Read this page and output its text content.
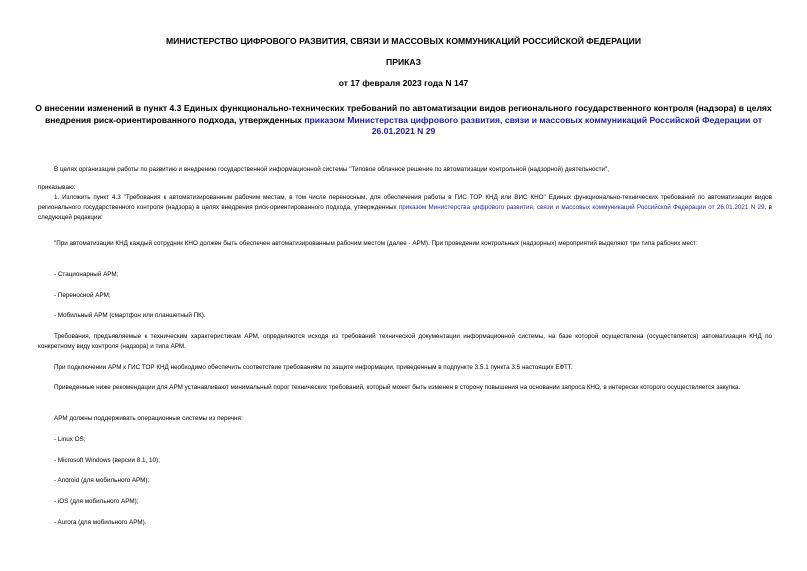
МИНИСТЕРСТВО ЦИФРОВОГО РАЗВИТИЯ, СВЯЗИ И МАССОВЫХ КОММУНИКАЦИЙ РОССИЙСКОЙ ФЕДЕРАЦИИ
ПРИКАЗ
от 17 февраля 2023 года N 147
О внесении изменений в пункт 4.3 Единых функционально-технических требований по автоматизации видов регионального государственного контроля (надзора) в целях внедрения риск-ориентированного подхода, утвержденных приказом Министерства цифрового развития, связи и массовых коммуникаций Российской Федерации от 26.01.2021 N 29
В целях организации работы по развитию и внедрению государственной информационной системы "Типовое облачное решение по автоматизации контрольной (надзорной) деятельности",
приказываю:
1. Изложить пункт 4.3 "Требования к автоматизированным рабочим местам, в том числе переносным, для обеспечения работы в ГИС ТОР КНД или ВИС КНО" Единых функционально-технических требований по автоматизации видов регионального государственного контроля (надзора) в целях внедрения риск-ориентированного подхода, утвержденных приказом Министерства цифрового развития, связи и массовых коммуникаций Российской Федерации от 26.01.2021 N 29, в следующей редакции:
"При автоматизации КНД каждый сотрудник КНО должен быть обеспечен автоматизированным рабочим местом (далее - АРМ). При проведении контрольных (надзорных) мероприятий выделяют три типа рабочих мест:
- Стационарный АРМ;
- Переносной АРМ;
- Мобильный АРМ (смартфон или планшетный ПК).
Требования, предъявляемые к техническим характеристикам АРМ, определяются исходя из требований технической документации информационной системы, на базе которой осуществлена (осуществляется) автоматизация КНД по конкретному виду контроля (надзора) и типа АРМ.
При подключении АРМ к ГИС ТОР КНД необходимо обеспечить соответствие требованиям по защите информации, приведенным в подпункте 3.5.1 пункта 3.5 настоящих ЕФТТ.
Приведенные ниже рекомендации для АРМ устанавливают минимальный порог технических требований, который может быть изменен в сторону повышения на основании запроса КНО, в интересах которого осуществляется закупка.
АРМ должны поддерживать операционные системы из перечня:
- Linux OS;
- Microsoft Windows (версии 8.1, 10);
- Android (для мобильного АРМ);
- iOS (для мобильного АРМ);
- Aurora (для мобильного АРМ).
